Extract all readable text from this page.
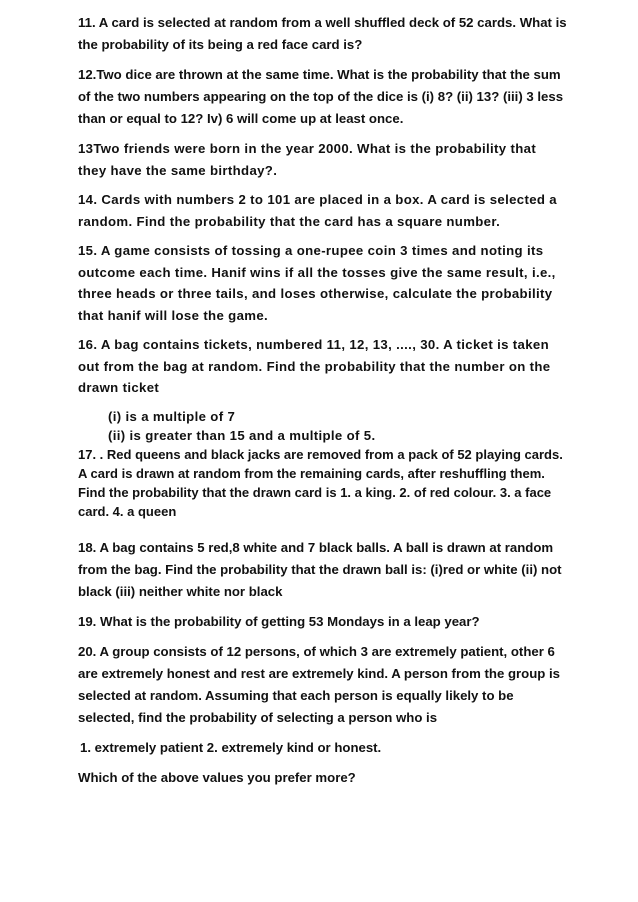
11. A card is selected at random from a well shuffled deck of 52 cards. What is the probability of its being a red face card is?

12.Two dice are thrown at the same time. What is the probability that the sum of the two numbers appearing on the top of the dice is (i) 8? (ii) 13? (iii) 3 less than or equal to 12? Iv) 6 will come up at least once.

13Two friends were born in the year 2000. What is the probability that they have the same birthday?.

14. Cards with numbers 2 to 101 are placed in a box. A card is selected a random. Find the probability that the card has a square number.

15. A game consists of tossing a one-rupee coin 3 times and noting its outcome each time. Hanif wins if all the tosses give the same result, i.e., three heads or three tails, and loses otherwise, calculate the probability that hanif will lose the game.

16. A bag contains tickets, numbered 11, 12, 13, ...., 30. A ticket is taken out from the bag at random. Find the probability that the number on the drawn ticket

(i) is a multiple of 7

(ii) is greater than 15 and a multiple of 5.

17. . Red queens and black jacks are removed from a pack of 52 playing cards. A card is drawn at random from the remaining cards, after reshuffling them. Find the probability that the drawn card is 1. a king. 2. of red colour. 3. a face card. 4. a queen

18. A bag contains 5 red,8 white and 7 black balls. A ball is drawn at random from the bag. Find the probability that the drawn ball is: (i)red or white (ii) not black (iii) neither white nor black

19. What is the probability of getting 53 Mondays in a leap year?

20. A group consists of 12 persons, of which 3 are extremely patient, other 6 are extremely honest and rest are extremely kind. A person from the group is selected at random. Assuming that each person is equally likely to be selected, find the probability of selecting a person who is

1. extremely patient 2. extremely kind or honest.

Which of the above values you prefer more?
